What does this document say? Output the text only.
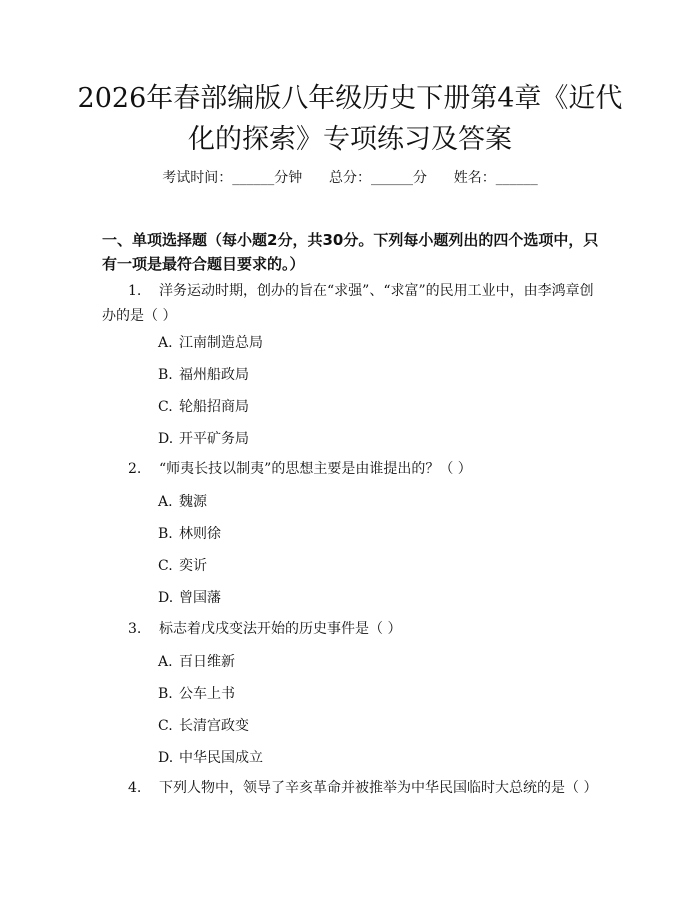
2026年春部编版八年级历史下册第4章《近代化的探索》专项练习及答案
考试时间：______分钟      总分：______分      姓名：______
一、单项选择题（每小题2分，共30分。下列每小题列出的四个选项中，只有一项是最符合题目要求的。）
1. 洋务运动时期，创办的旨在“求强”、“求富”的民用工业中，由李鸿章创办的是（ ）
A. 江南制造总局
B. 福州船政局
C. 轮船招商局
D. 开平矿务局
2. “师夷长技以制夷”的思想主要是由谁提出的？（ ）
A. 魏源
B. 林则徐
C. 奕䜣
D. 曾国藩
3. 标志着戊戌变法开始的历史事件是（ ）
A. 百日维新
B. 公车上书
C. 长清宫政变
D. 中华民国成立
4. 下列人物中，领导了辛亥革命并被推举为中华民国临时大总统的是（ ）
